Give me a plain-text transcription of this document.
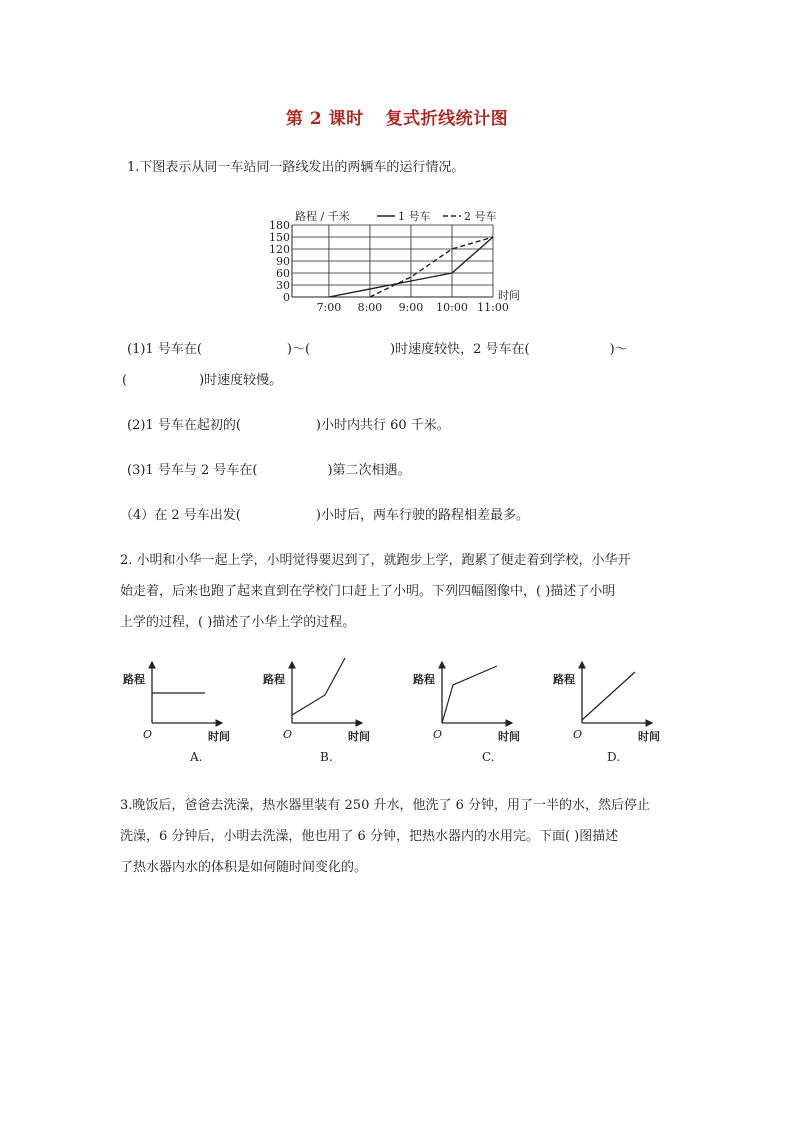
第 2 课时 复式折线统计图
1.下图表示从同一车站同一路线发出的两辆车的运行情况。
0
30
60
90
120
150
180
7:00 8:00 9:00 10:00 11:00
路程 / 千米
时间
1 号车	2 号车
(1)1 号车在(	)～(	)时速度较快，2 号车在(	)～
(	)时速度较慢。
(2)1 号车在起初的(	)小时内共行 60 千米。
(3)1 号车与 2 号车在(	)第二次相遇。
（4）在 2 号车出发(	)小时后，两车行驶的路程相差最多。
2. 小明和小华一起上学，小明觉得要迟到了，就跑步上学，跑累了便走着到学校，小华开
始走着，后来也跑了起来直到在学校门口赶上了小明。下列四幅图像中，( )描述了小明
上学的过程，( )描述了小华上学的过程。
路程
O	时间
A.
路程
O	时间
B.
路程
O	时间
C.
路程
O	时间
D.
3.晚饭后，爸爸去洗澡，热水器里装有 250 升水，他洗了 6 分钟，用了一半的水，然后停止
洗澡，6 分钟后，小明去洗澡，他也用了 6 分钟，把热水器内的水用完。下面( )图描述
了热水器内水的体积是如何随时间变化的。
